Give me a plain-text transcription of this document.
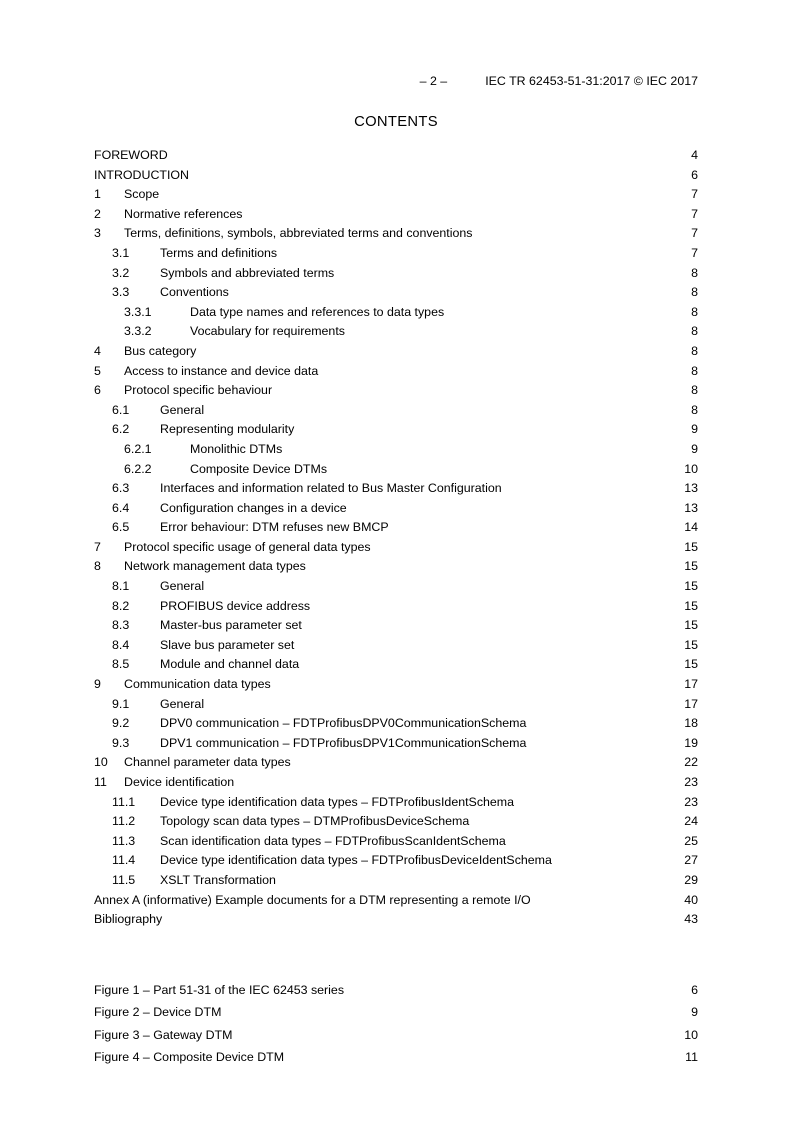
– 2 –	IEC TR 62453-51-31:2017 © IEC 2017
CONTENTS
FOREWORD	4
INTRODUCTION	6
1 Scope	7
2 Normative references	7
3 Terms, definitions, symbols, abbreviated terms and conventions	7
3.1 Terms and definitions	7
3.2 Symbols and abbreviated terms	8
3.3 Conventions	8
3.3.1	Data type names and references to data types	8
3.3.2	Vocabulary for requirements	8
4 Bus category	8
5 Access to instance and device data	8
6 Protocol specific behaviour	8
6.1 General	8
6.2 Representing modularity	9
6.2.1	Monolithic DTMs	9
6.2.2	Composite Device DTMs	10
6.3 Interfaces and information related to Bus Master Configuration	13
6.4 Configuration changes in a device	13
6.5 Error behaviour: DTM refuses new BMCP	14
7 Protocol specific usage of general data types	15
8 Network management data types	15
8.1 General	15
8.2 PROFIBUS device address	15
8.3 Master-bus parameter set	15
8.4 Slave bus parameter set	15
8.5 Module and channel data	15
9 Communication data types	17
9.1 General	17
9.2 DPV0 communication – FDTProfibusDPV0CommunicationSchema	18
9.3 DPV1 communication – FDTProfibusDPV1CommunicationSchema	19
10 Channel parameter data types	22
11 Device identification	23
11.1 Device type identification data types – FDTProfibusIdentSchema	23
11.2 Topology scan data types – DTMProfibusDeviceSchema	24
11.3 Scan identification data types – FDTProfibusScanIdentSchema	25
11.4 Device type identification data types – FDTProfibusDeviceIdentSchema	27
11.5 XSLT Transformation	29
Annex A (informative) Example documents for a DTM representing a remote I/O	40
Bibliography	43
Figure 1 – Part 51-31 of the IEC 62453 series	6
Figure 2 – Device DTM	9
Figure 3 – Gateway DTM	10
Figure 4 – Composite Device DTM	11
